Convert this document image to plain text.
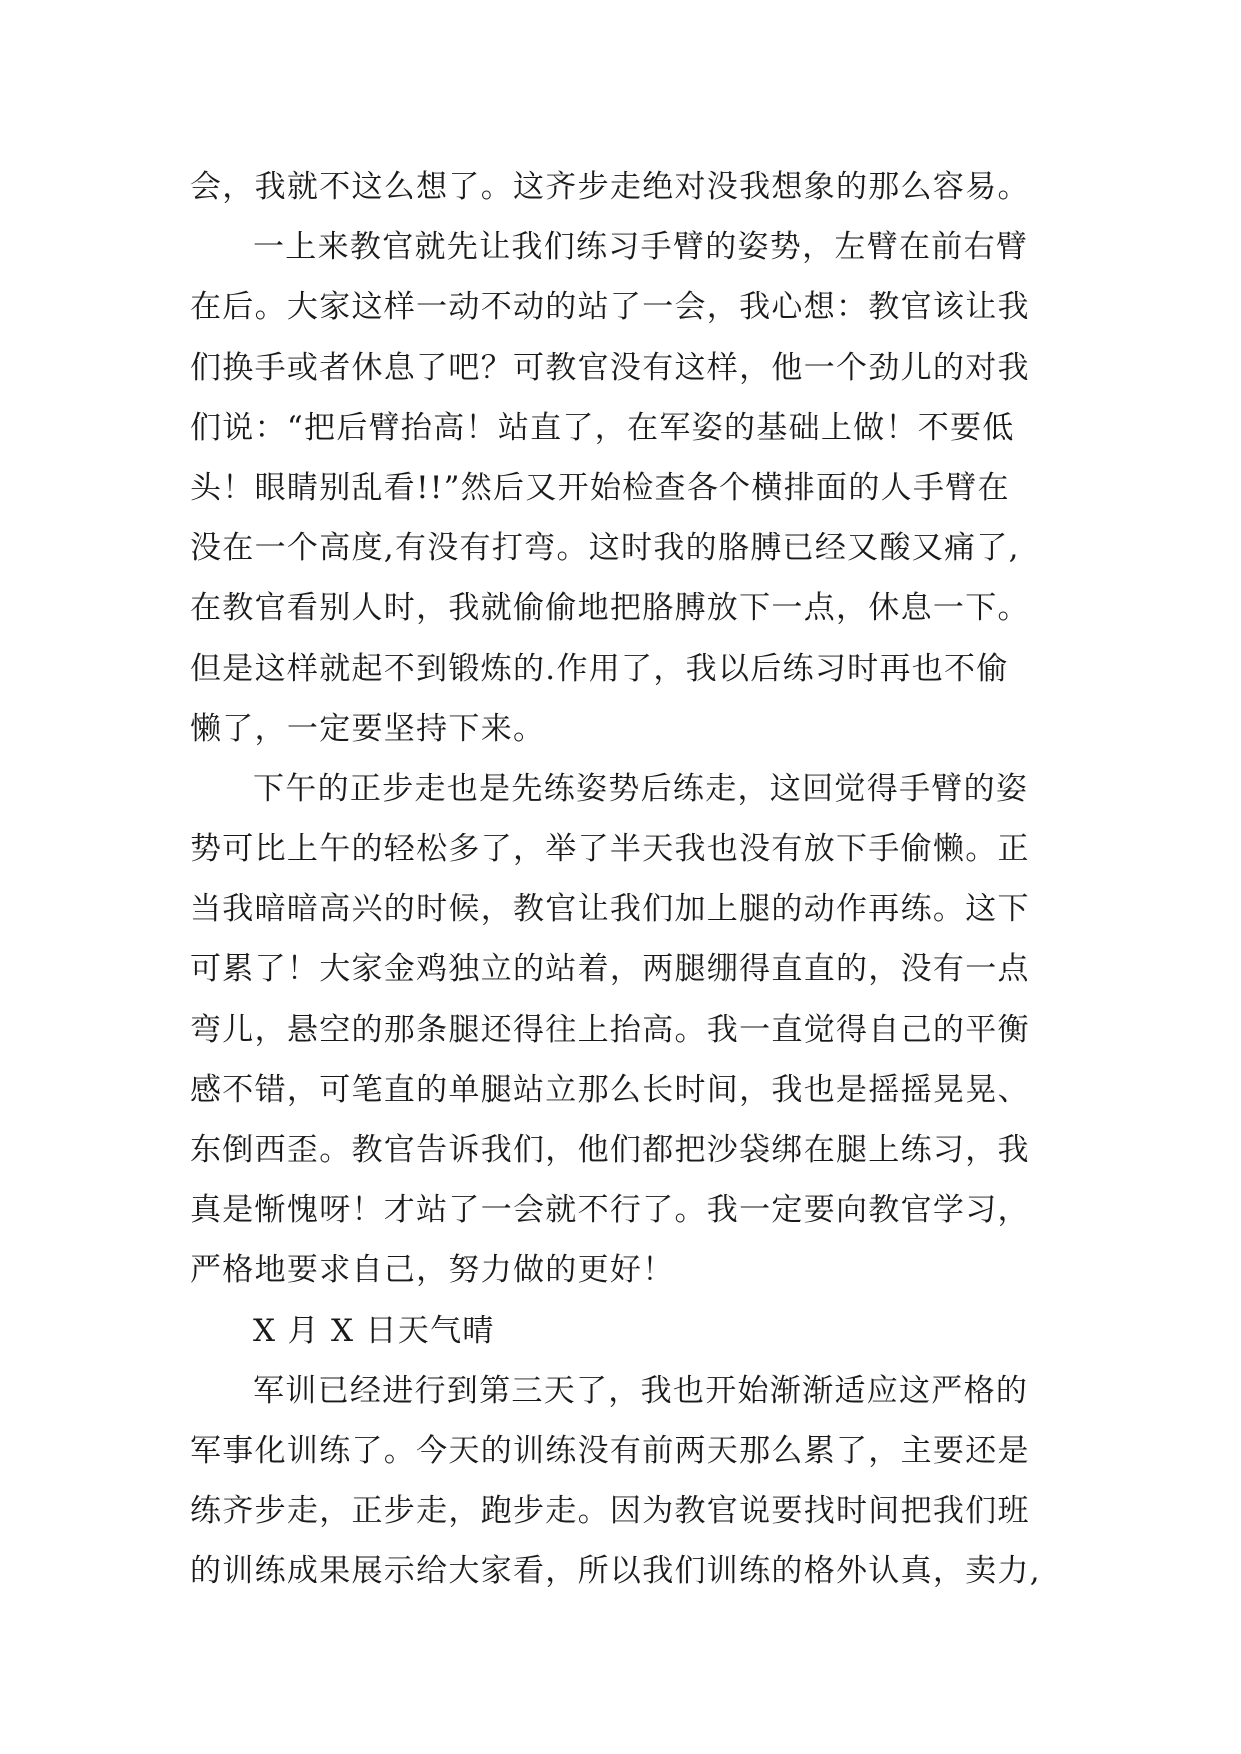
会，我就不这么想了。这齐步走绝对没我想象的那么容易。
一上来教官就先让我们练习手臂的姿势，左臂在前右臂
在后。大家这样一动不动的站了一会，我心想：教官该让我
们换手或者休息了吧？可教官没有这样，他一个劲儿的对我
们说：“把后臂抬高！站直了，在军姿的基础上做！不要低
头！眼睛别乱看!!”然后又开始检查各个横排面的人手臂在
没在一个高度,有没有打弯。这时我的胳膊已经又酸又痛了,
在教官看别人时，我就偷偷地把胳膊放下一点，休息一下。
但是这样就起不到锻炼的.作用了，我以后练习时再也不偷
懒了，一定要坚持下来。
下午的正步走也是先练姿势后练走，这回觉得手臂的姿
势可比上午的轻松多了，举了半天我也没有放下手偷懒。正
当我暗暗高兴的时候，教官让我们加上腿的动作再练。这下
可累了！大家金鸡独立的站着，两腿绷得直直的，没有一点
弯儿，悬空的那条腿还得往上抬高。我一直觉得自己的平衡
感不错，可笔直的单腿站立那么长时间，我也是摇摇晃晃、
东倒西歪。教官告诉我们，他们都把沙袋绑在腿上练习，我
真是惭愧呀！才站了一会就不行了。我一定要向教官学习，
严格地要求自己，努力做的更好！
X 月 X 日天气晴
军训已经进行到第三天了，我也开始渐渐适应这严格的
军事化训练了。今天的训练没有前两天那么累了，主要还是
练齐步走，正步走，跑步走。因为教官说要找时间把我们班
的训练成果展示给大家看，所以我们训练的格外认真，卖力,
